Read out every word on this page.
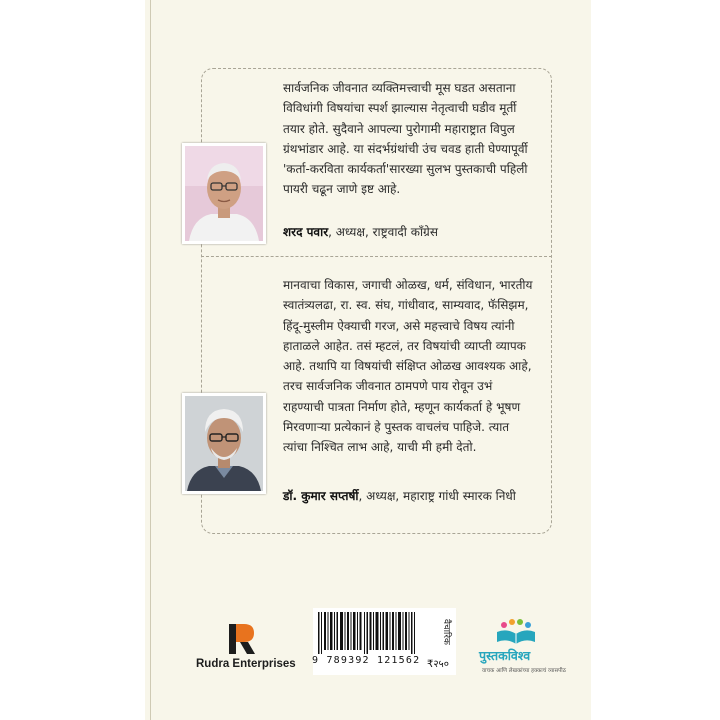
सार्वजनिक जीवनात व्यक्तिमत्त्वाची मूस घडत असताना
विविधांगी विषयांचा स्पर्श झाल्यास नेतृत्वाची घडीव मूर्ती
तयार होते. सुदैवाने आपल्या पुरोगामी महाराष्ट्रात विपुल
ग्रंथभांडार आहे. या संदर्भग्रंथांची उंच चवड हाती घेण्यापूर्वी
'कर्ता-करविता कार्यकर्ता'सारख्या सुलभ पुस्तकाची पहिली
पायरी चढून जाणे इष्ट आहे.
शरद पवार, अध्यक्ष, राष्ट्रवादी काँग्रेस
मानवाचा विकास, जगाची ओळख, धर्म, संविधान, भारतीय
स्वातंत्र्यलढा, रा. स्व. संघ, गांधीवाद, साम्यवाद, फॅसिझम,
हिंदू-मुस्लीम ऐक्याची गरज, असे महत्त्वाचे विषय त्यांनी
हाताळले आहेत. तसं म्हटलं, तर विषयांची व्याप्ती व्यापक
आहे. तथापि या विषयांची संक्षिप्त ओळख आवश्यक आहे,
तरच सार्वजनिक जीवनात ठामपणे पाय रोवून उभं
राहण्याची पात्रता निर्माण होते, म्हणून कार्यकर्ता हे भूषण
मिरवणाऱ्या प्रत्येकानं हे पुस्तक वाचलंच पाहिजे. त्यात
त्यांचा निश्चित लाभ आहे, याची मी हमी देतो.
डॉ. कुमार सप्तर्षी, अध्यक्ष, महाराष्ट्र गांधी स्मारक निधी
Rudra Enterprises 9 789392 121562
वैचारिक
₹२५०
पुस्तकविश्व
वाचक आणि लेखकांच्या हक्काचं व्यासपीठ
